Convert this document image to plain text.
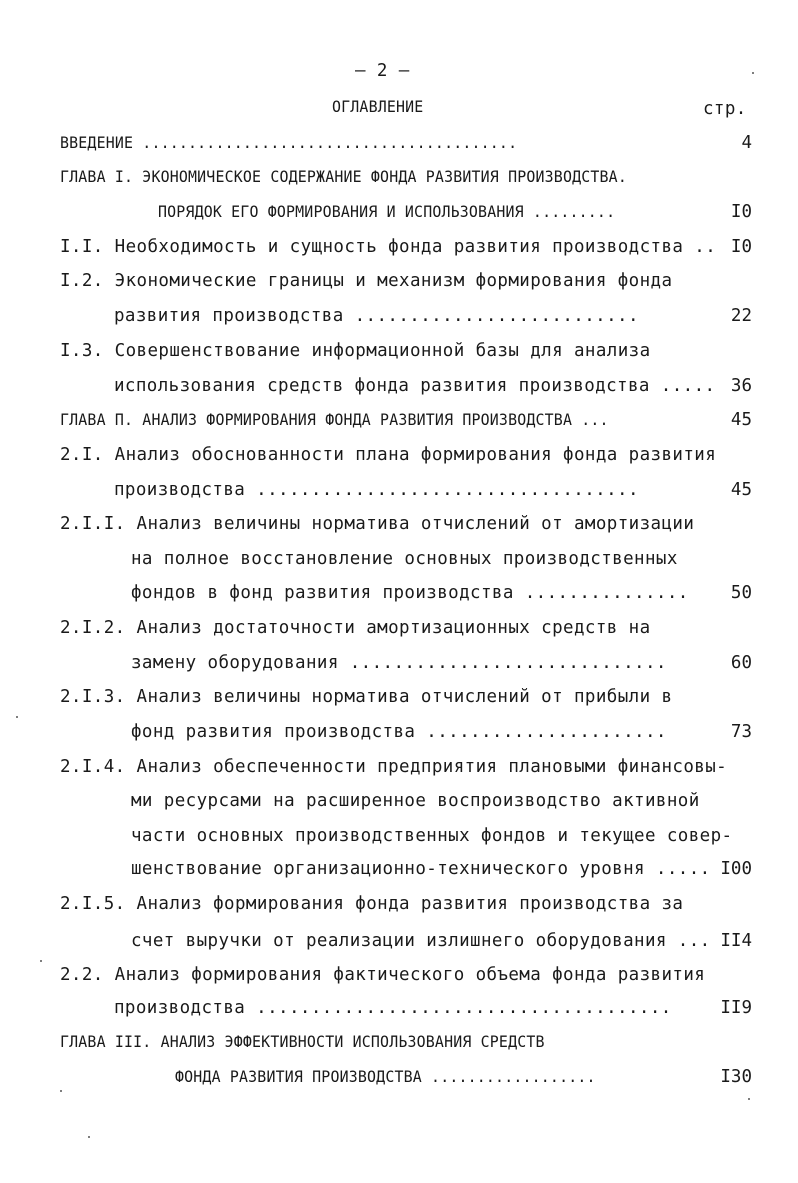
– 2 –
ОГЛАВЛЕНИЕ	стр.
ВВЕДЕНИЕ .........................................	4
ГЛАВА I. ЭКОНОМИЧЕСКОЕ СОДЕРЖАНИЕ ФОНДА РАЗВИТИЯ ПРОИЗВОДСТВА.
ПОРЯДОК ЕГО ФОРМИРОВАНИЯ И ИСПОЛЬЗОВАНИЯ .........	I0
I.I. Необходимость и сущность фонда развития производства .. I0
I.2. Экономические границы и механизм формирования фонда
развития производства ..........................	22
I.3. Совершенствование информационной базы для анализа
использования средств фонда развития производства ..... 36
ГЛАВА П. АНАЛИЗ ФОРМИРОВАНИЯ ФОНДА РАЗВИТИЯ ПРОИЗВОДСТВА ...	45
2.I. Анализ обоснованности плана формирования фонда развития
производства ...................................	45
2.I.I. Анализ величины норматива отчислений от амортизации
на полное восстановление основных производственных
фондов в фонд развития производства ...............	50
2.I.2. Анализ достаточности амортизационных средств на
замену оборудования .............................	60
2.I.3. Анализ величины норматива отчислений от прибыли в
фонд развития производства ......................	73
2.I.4. Анализ обеспеченности предприятия плановыми финансовы-
ми ресурсами на расширенное воспроизводство активной
части основных производственных фондов и текущее совер-
шенствование организационно-технического уровня ..... I00
2.I.5. Анализ формирования фонда развития производства за
счет выручки от реализации излишнего оборудования ... II4
2.2. Анализ формирования фактического объема фонда развития
производства ......................................	II9
ГЛАВА III. АНАЛИЗ ЭФФЕКТИВНОСТИ ИСПОЛЬЗОВАНИЯ СРЕДСТВ
ФОНДА РАЗВИТИЯ ПРОИЗВОДСТВА ..................	I30
